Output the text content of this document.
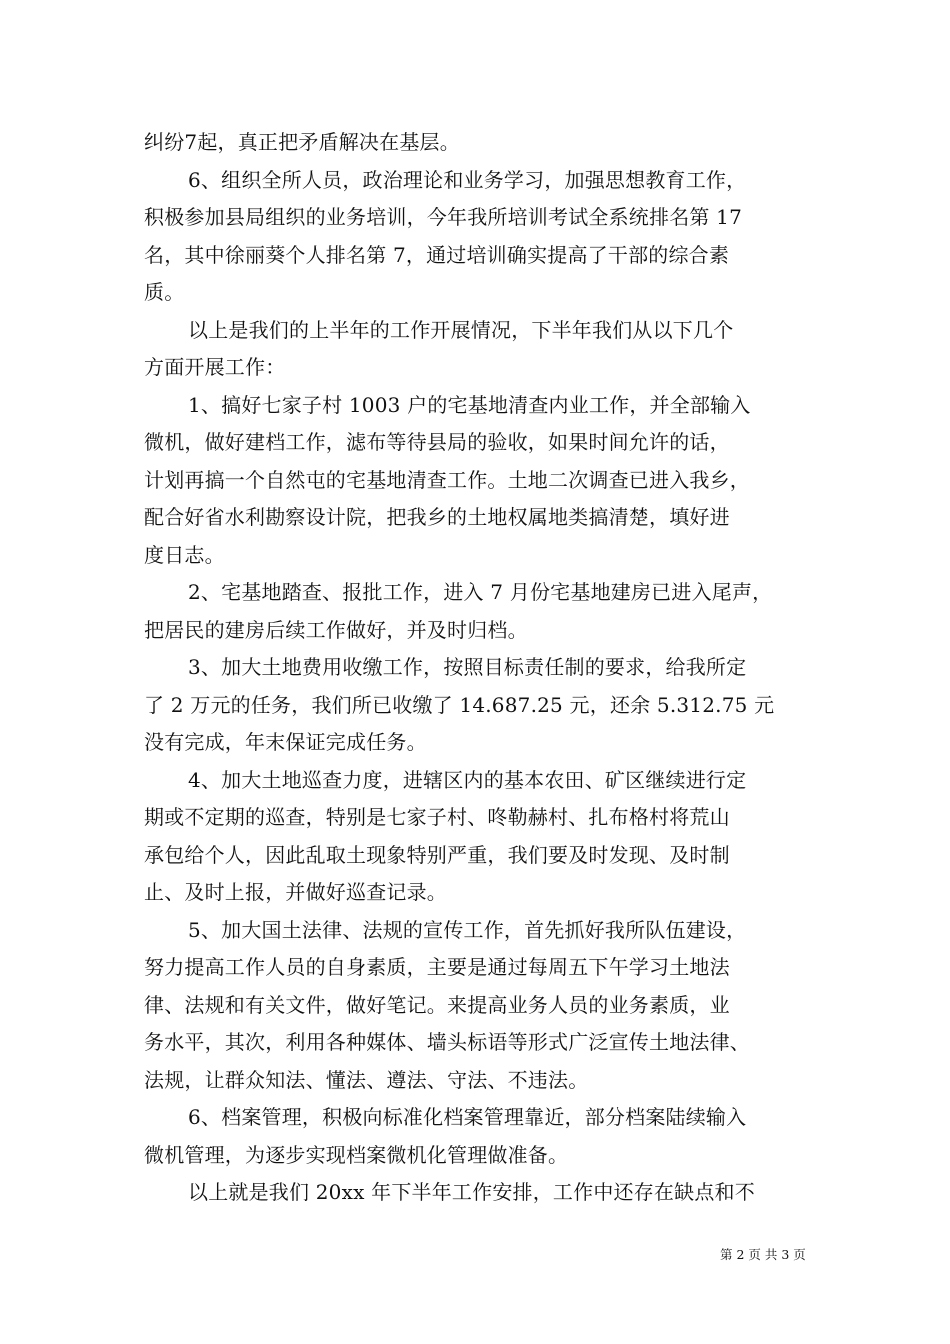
纠纷7起，真正把矛盾解决在基层。
6、组织全所人员，政治理论和业务学习，加强思想教育工作，
积极参加县局组织的业务培训，今年我所培训考试全系统排名第 17
名，其中徐丽葵个人排名第 7，通过培训确实提高了干部的综合素
质。
以上是我们的上半年的工作开展情况，下半年我们从以下几个
方面开展工作：
1、搞好七家子村 1003 户的宅基地清查内业工作，并全部输入
微机，做好建档工作，滤布等待县局的验收，如果时间允许的话，
计划再搞一个自然屯的宅基地清查工作。土地二次调查已进入我乡，
配合好省水利勘察设计院，把我乡的土地权属地类搞清楚，填好进
度日志。
2、宅基地踏查、报批工作，进入 7 月份宅基地建房已进入尾声，
把居民的建房后续工作做好，并及时归档。
3、加大土地费用收缴工作，按照目标责任制的要求，给我所定
了 2 万元的任务，我们所已收缴了 14.687.25 元，还余 5.312.75 元
没有完成，年末保证完成任务。
4、加大土地巡查力度，进辖区内的基本农田、矿区继续进行定
期或不定期的巡查，特别是七家子村、咚勒赫村、扎布格村将荒山
承包给个人，因此乱取土现象特别严重，我们要及时发现、及时制
止、及时上报，并做好巡查记录。
5、加大国土法律、法规的宣传工作，首先抓好我所队伍建设，
努力提高工作人员的自身素质，主要是通过每周五下午学习土地法
律、法规和有关文件，做好笔记。来提高业务人员的业务素质，业
务水平，其次，利用各种媒体、墙头标语等形式广泛宣传土地法律、
法规，让群众知法、懂法、遵法、守法、不违法。
6、档案管理，积极向标准化档案管理靠近，部分档案陆续输入
微机管理，为逐步实现档案微机化管理做准备。
以上就是我们 20xx 年下半年工作安排，工作中还存在缺点和不
第 2 页 共 3 页
